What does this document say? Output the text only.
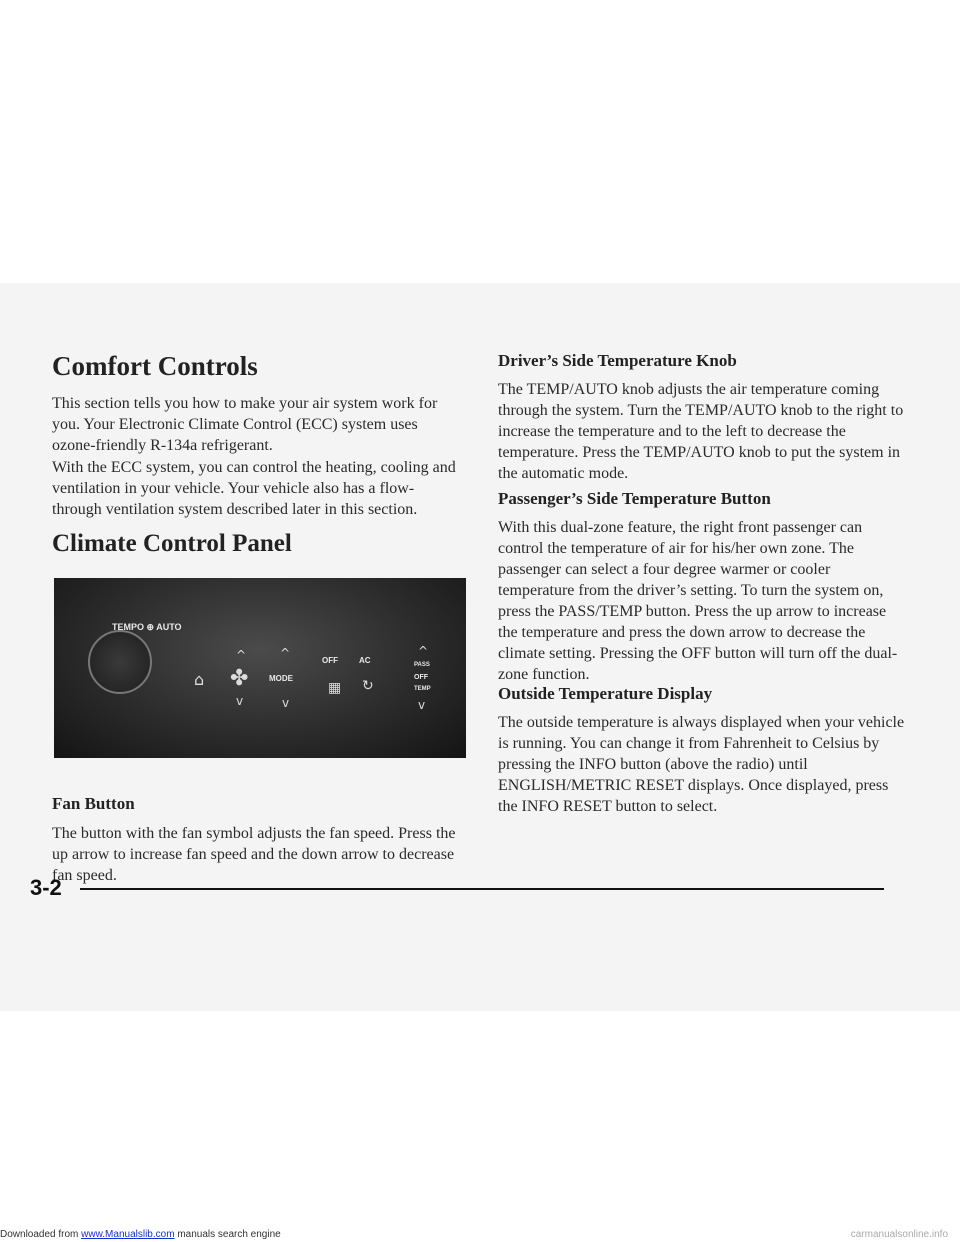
Comfort Controls

This section tells you how to make your air system work for you. Your Electronic Climate Control (ECC) system uses ozone-friendly R-134a refrigerant.

With the ECC system, you can control the heating, cooling and ventilation in your vehicle. Your vehicle also has a flow-through ventilation system described later in this section.

Climate Control Panel
TEMPO ⊕ AUTO
⌂
^
✤
v
MODE
^
v
OFF	AC
▦ ↻
PASS
OFF
TEMP
^
v
Fan Button

The button with the fan symbol adjusts the fan speed. Press the up arrow to increase fan speed and the down arrow to decrease fan speed.

Driver’s Side Temperature Knob

The TEMP/AUTO knob adjusts the air temperature coming through the system. Turn the TEMP/AUTO knob to the right to increase the temperature and to the left to decrease the temperature. Press the TEMP/AUTO knob to put the system in the automatic mode.

Passenger’s Side Temperature Button

With this dual-zone feature, the right front passenger can control the temperature of air for his/her own zone. The passenger can select a four degree warmer or cooler temperature from the driver’s setting. To turn the system on, press the PASS/TEMP button. Press the up arrow to increase the temperature and press the down arrow to decrease the climate setting. Pressing the OFF button will turn off the dual-zone function.

Outside Temperature Display

The outside temperature is always displayed when your vehicle is running. You can change it from Fahrenheit to Celsius by pressing the INFO button (above the radio) until ENGLISH/METRIC RESET displays. Once displayed, press the INFO RESET button to select.

3-2
Downloaded from www.Manualslib.com manuals search engine	carmanualsonline.info
